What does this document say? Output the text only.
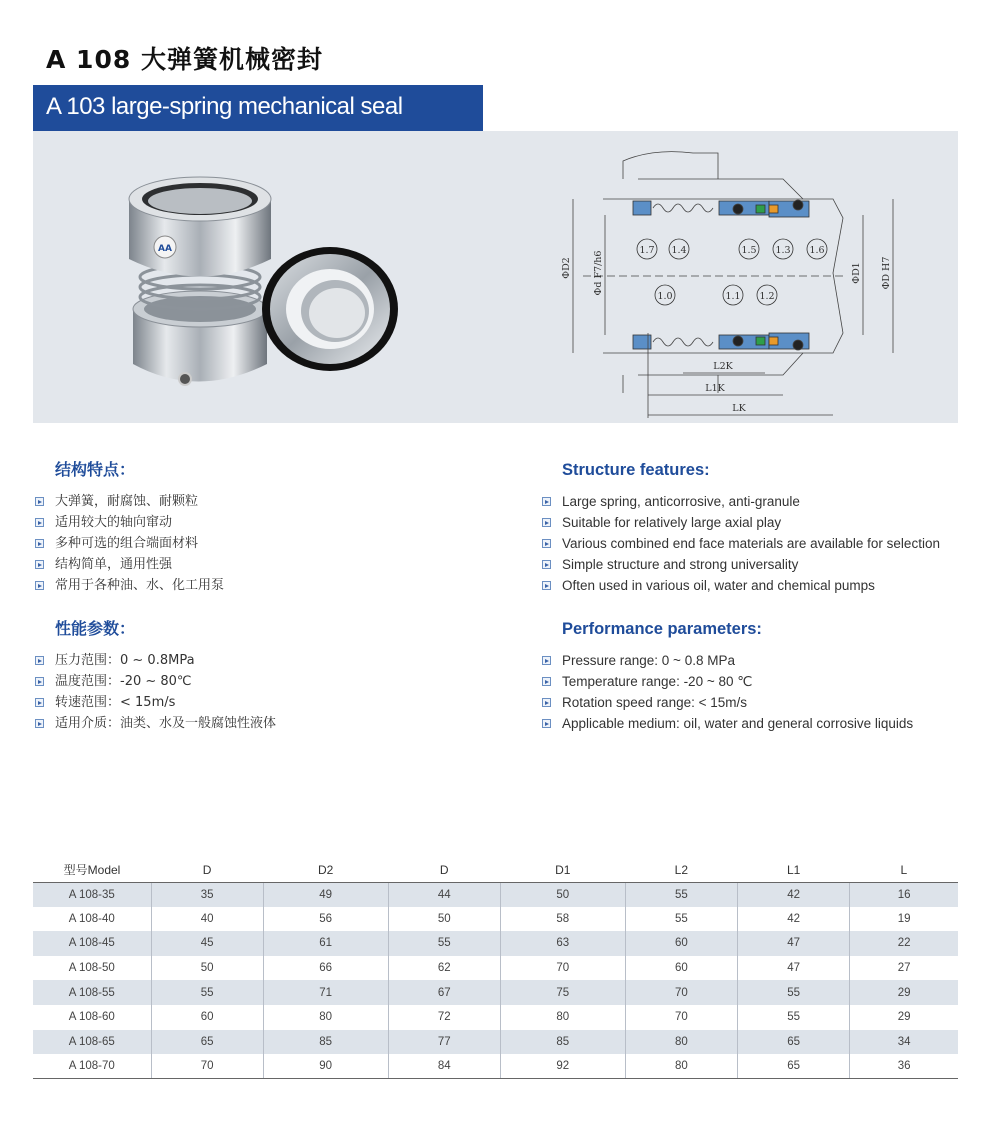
A 108 大弹簧机械密封
A 103 large-spring mechanical seal
AA	1.7 1.4	1.5 1.3 1.6
1.0	1.1 1.2
ΦD2 Φd F7/h6	ΦD1 ΦD H7
L2K
L1K
LK
结构特点：
大弹簧，耐腐蚀、耐颗粒
适用较大的轴向窜动
多种可选的组合端面材料
结构简单，通用性强
常用于各种油、水、化工用泵
Structure features:
Large spring, anticorrosive, anti-granule
Suitable for relatively large axial play
Various combined end face materials are available for selection
Simple structure and strong universality
Often used in various oil, water and chemical pumps
性能参数：
压力范围：0 ~ 0.8MPa
温度范围：-20 ~ 80℃
转速范围：< 15m/s
适用介质：油类、水及一般腐蚀性液体
Performance parameters:
Pressure range: 0 ~ 0.8 MPa
Temperature range: -20 ~ 80 ℃
Rotation speed range: < 15m/s
Applicable medium: oil, water and general corrosive liquids
型号Model	D	D2	D	D1	L2	L1	L
A 108-35	35	49	44	50	55	42	16
A 108-40	40	56	50	58	55	42	19
A 108-45	45	61	55	63	60	47	22
A 108-50	50	66	62	70	60	47	27
A 108-55	55	71	67	75	70	55	29
A 108-60	60	80	72	80	70	55	29
A 108-65	65	85	77	85	80	65	34
A 108-70	70	90	84	92	80	65	36
